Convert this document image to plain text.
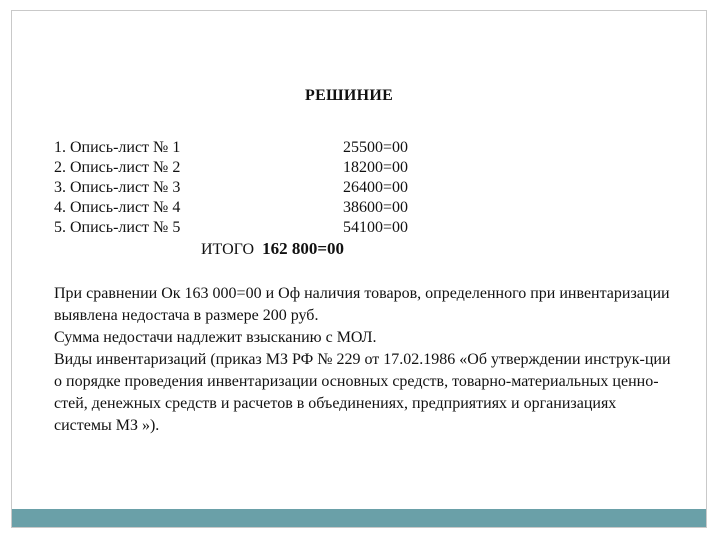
РЕШИНИЕ
1. Опись-лист № 1	25500=00
2. Опись-лист № 2	18200=00
3. Опись-лист № 3	26400=00
4. Опись-лист № 4	38600=00
5. Опись-лист № 5	54100=00
ИТОГО 162 800=00

При сравнении Ок 163 000=00 и Оф наличия товаров, определенного при инвентаризации выявлена недостача в размере 200 руб.

Сумма недостачи надлежит взысканию с МОЛ.

Виды инвентаризаций (приказ МЗ РФ № 229 от 17.02.1986 «Об утверждении инструк-ции о порядке проведения инвентаризации основных средств, товарно-материальных ценно-стей, денежных средств и расчетов в объединениях, предприятиях и организациях системы МЗ »).
